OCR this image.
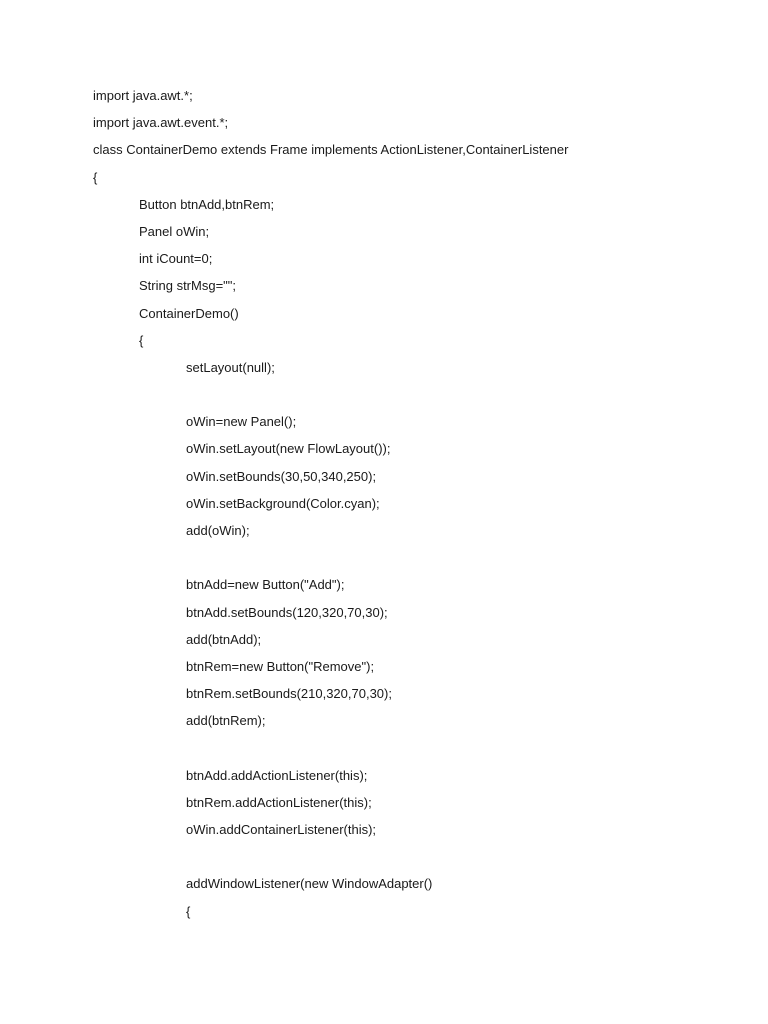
import java.awt.*;
import java.awt.event.*;
class ContainerDemo extends Frame implements ActionListener,ContainerListener
{
Button btnAdd,btnRem;
Panel oWin;
int iCount=0;
String strMsg="";
ContainerDemo()
{
setLayout(null);
oWin=new Panel();
oWin.setLayout(new FlowLayout());
oWin.setBounds(30,50,340,250);
oWin.setBackground(Color.cyan);
add(oWin);
btnAdd=new Button("Add");
btnAdd.setBounds(120,320,70,30);
add(btnAdd);
btnRem=new Button("Remove");
btnRem.setBounds(210,320,70,30);
add(btnRem);
btnAdd.addActionListener(this);
btnRem.addActionListener(this);
oWin.addContainerListener(this);
addWindowListener(new WindowAdapter()
{
